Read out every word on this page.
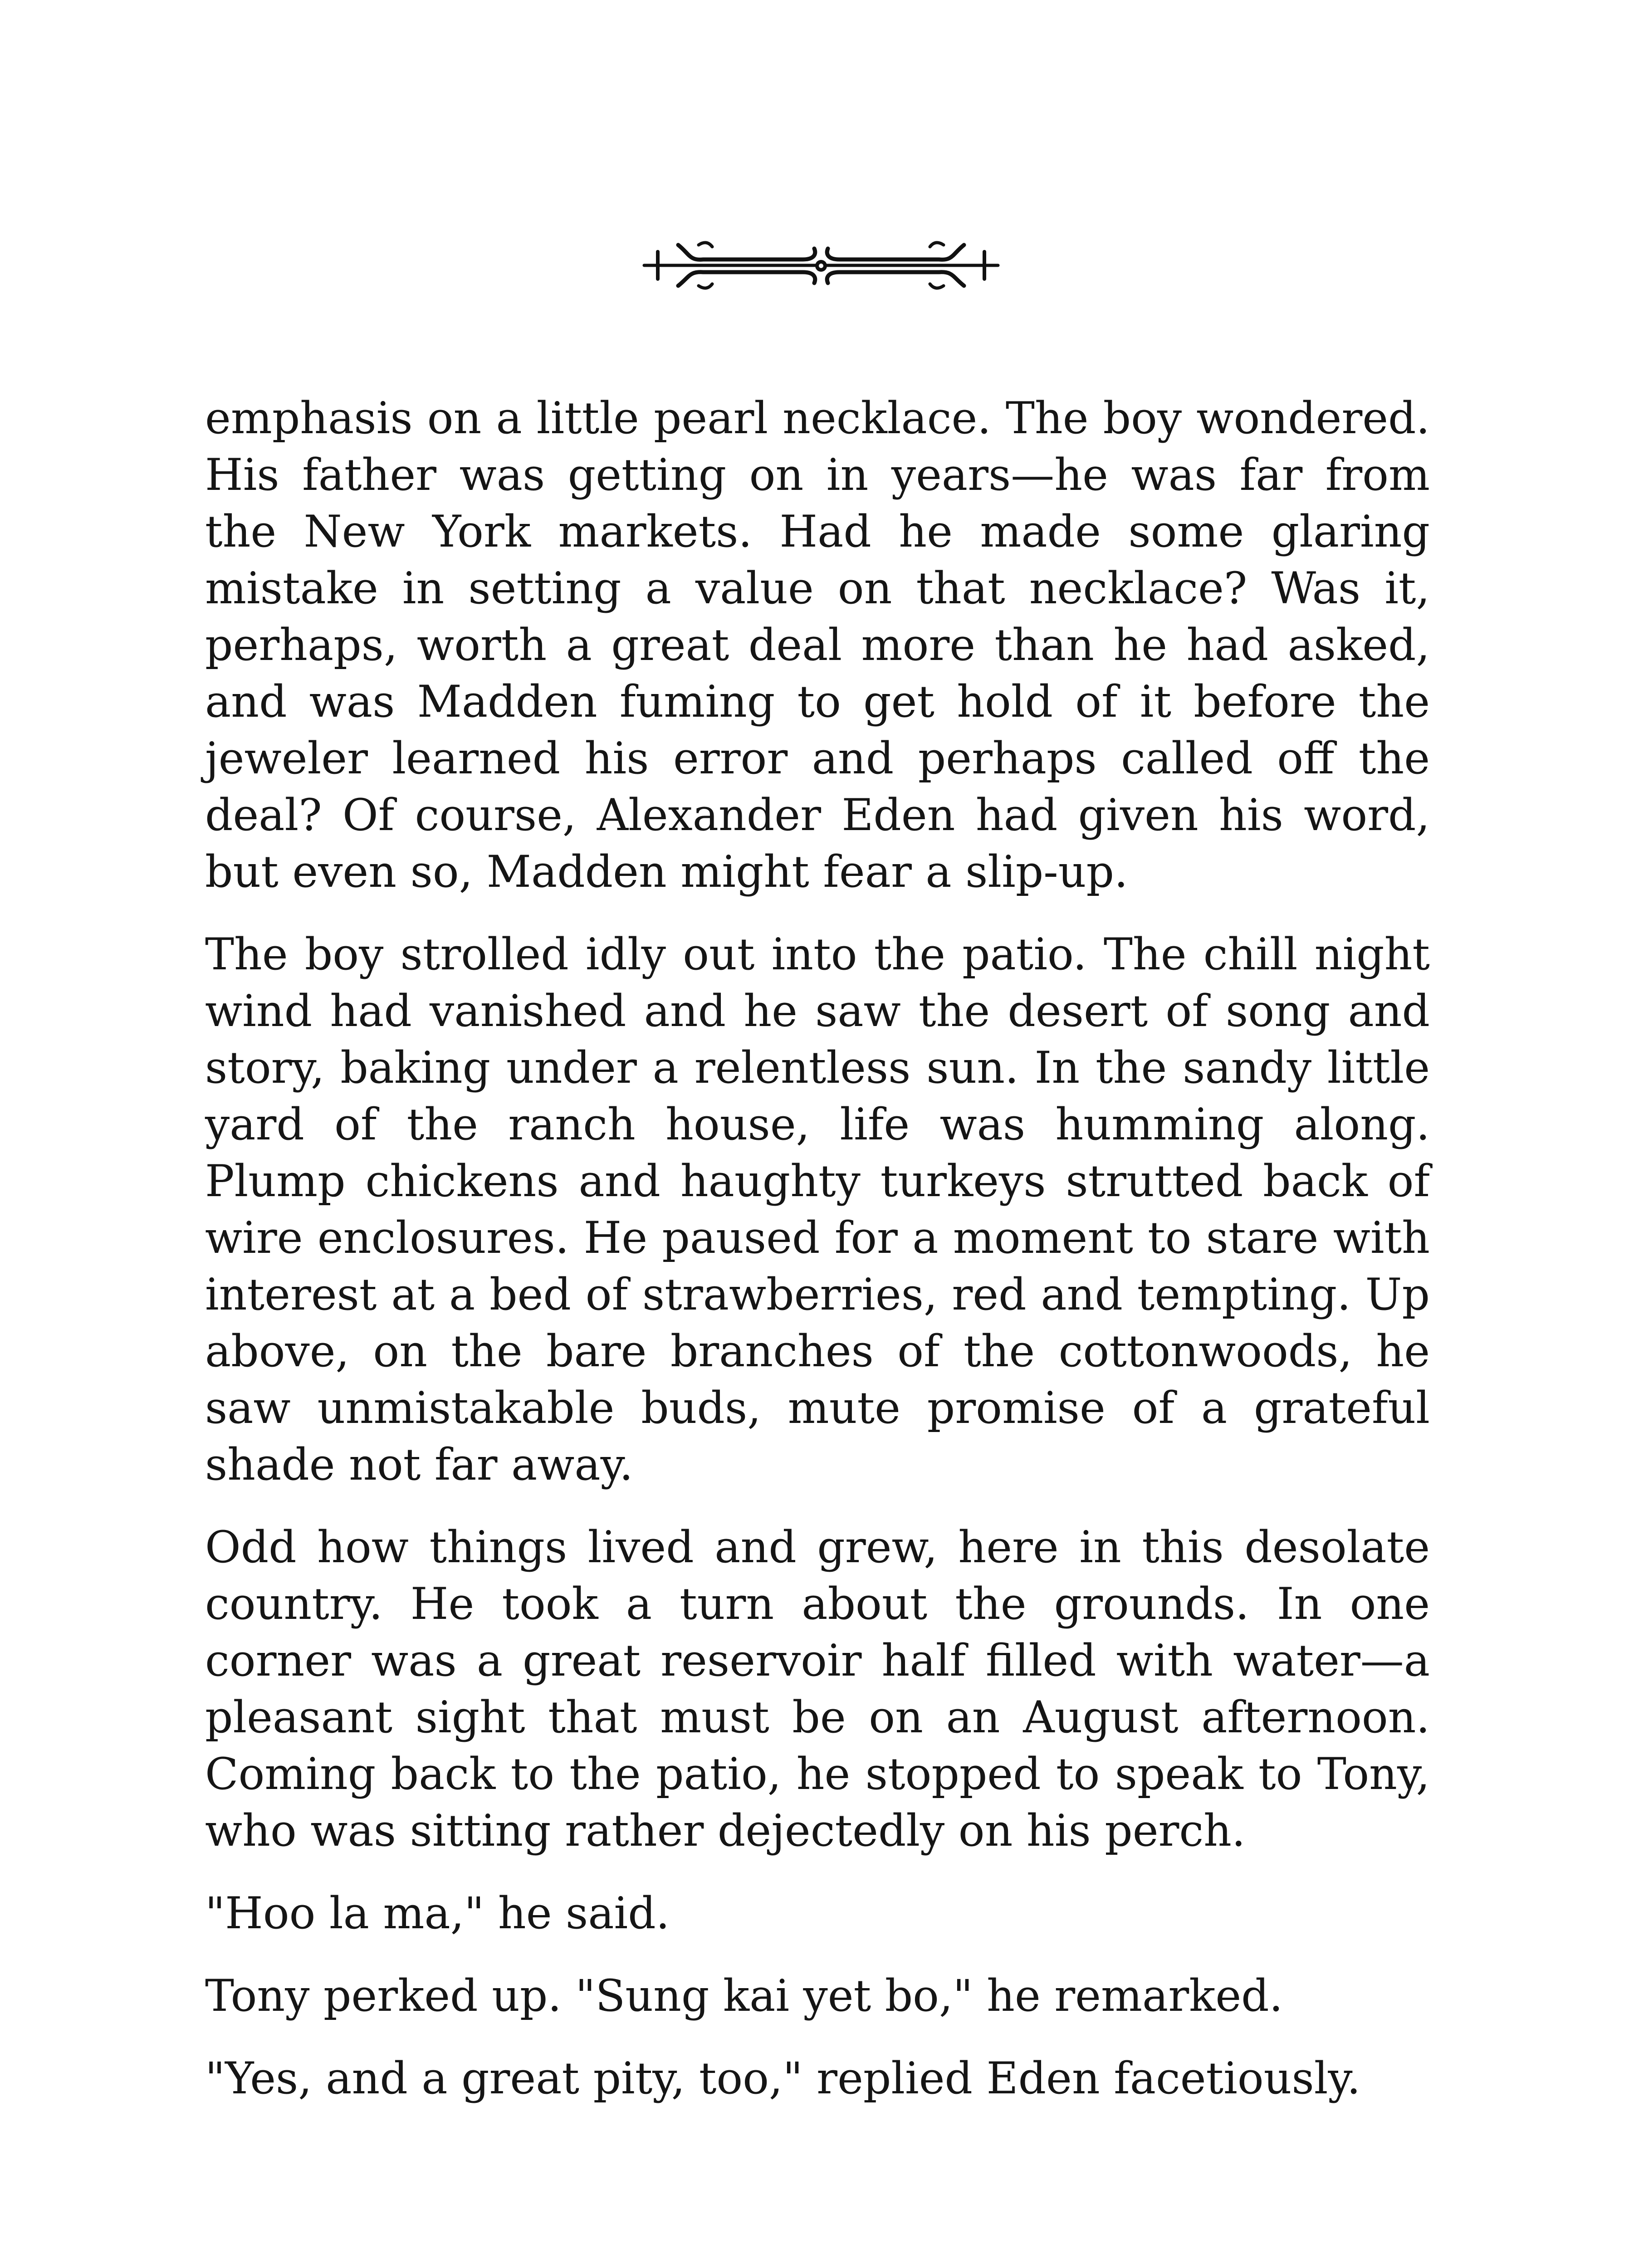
emphasis on a little pearl necklace. The boy wondered. His father was getting on in years—he was far from the New York markets. Had he made some glaring mistake in setting a value on that necklace? Was it, perhaps, worth a great deal more than he had asked, and was Madden fuming to get hold of it before the jeweler learned his error and perhaps called off the deal? Of course, Alexander Eden had given his word, but even so, Madden might fear a slip-up.

The boy strolled idly out into the patio. The chill night wind had vanished and he saw the desert of song and story, baking under a relentless sun. In the sandy little yard of the ranch house, life was humming along. Plump chickens and haughty turkeys strutted back of wire enclosures. He paused for a moment to stare with interest at a bed of strawberries, red and tempting. Up above, on the bare branches of the cottonwoods, he saw unmistakable buds, mute promise of a grateful shade not far away.

Odd how things lived and grew, here in this desolate country. He took a turn about the grounds. In one corner was a great reservoir half filled with water—a pleasant sight that must be on an August afternoon. Coming back to the patio, he stopped to speak to Tony, who was sitting rather dejectedly on his perch.

"Hoo la ma," he said.

Tony perked up. "Sung kai yet bo," he remarked.

"Yes, and a great pity, too," replied Eden facetiously.
